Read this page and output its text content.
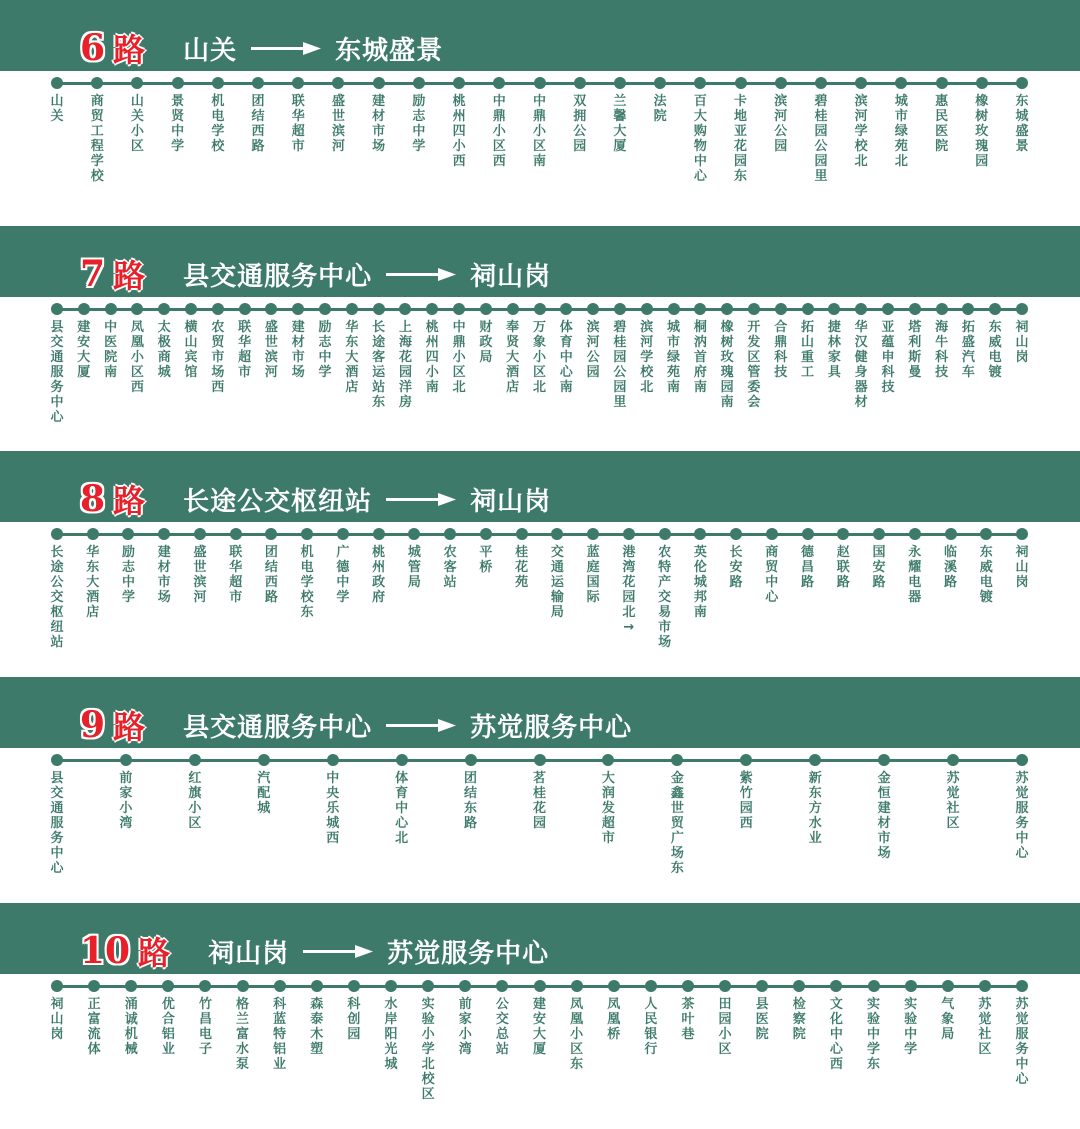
6 路 山关	东城盛景
山关
商贸工程学校
山关小区
景贤中学
机电学校
团结西路
联华超市
盛世滨河
建材市场
励志中学
桃州四小西
中鼎小区西
中鼎小区南
双拥公园
兰馨大厦
法院
百大购物中心
卡地亚花园东
滨河公园
碧桂园公园里
滨河学校北
城市绿苑北
惠民医院
橡树玫瑰园
东城盛景
7 路 县交通服务中心	祠山岗
县交通服务中心
建安大厦
中医院南
凤凰小区西
太极商城
横山宾馆
农贸市场西
联华超市
盛世滨河
建材市场
励志中学
华东大酒店
长途客运站东
上海花园洋房
桃州四小南
中鼎小区北
财政局
奉贤大酒店
万象小区北
体育中心南
滨河公园
碧桂园公园里
滨河学校北
城市绿苑南
桐汭首府南
橡树玫瑰园南
开发区管委会
合鼎科技
拓山重工
捷林家具
华汉健身器材
亚蕴申科技
塔利斯曼
海牛科技
拓盛汽车
东威电镀
祠山岗
8 路 长途公交枢纽站	祠山岗
长途公交枢纽站
华东大酒店
励志中学
建材市场
盛世滨河
联华超市
团结西路
机电学校东
广德中学
桃州政府
城管局
农客站
平桥
桂花苑
交通运输局
蓝庭国际
港湾花园北→
农特产交易市场
英伦城邦南
长安路
商贸中心
德昌路
赵联路
国安路
永耀电器
临溪路
东威电镀
祠山岗
9 路 县交通服务中心	苏觉服务中心
县交通服务中心
前家小湾
红旗小区
汽配城
中央乐城西
体育中心北
团结东路
茗桂花园
大润发超市
金鑫世贸广场东
紫竹园西
新东方水业
金恒建材市场
苏觉社区
苏觉服务中心
10 路 祠山岗	苏觉服务中心
祠山岗
正富流体
涌诚机械
优合铝业
竹昌电子
格兰富水泵
科蓝特铝业
森泰木塑
科创园
水岸阳光城
实验小学北校区
前家小湾
公交总站
建安大厦
凤凰小区东
凤凰桥
人民银行
茶叶巷
田园小区
县医院
检察院
文化中心西
实验中学东
实验中学
气象局
苏觉社区
苏觉服务中心
